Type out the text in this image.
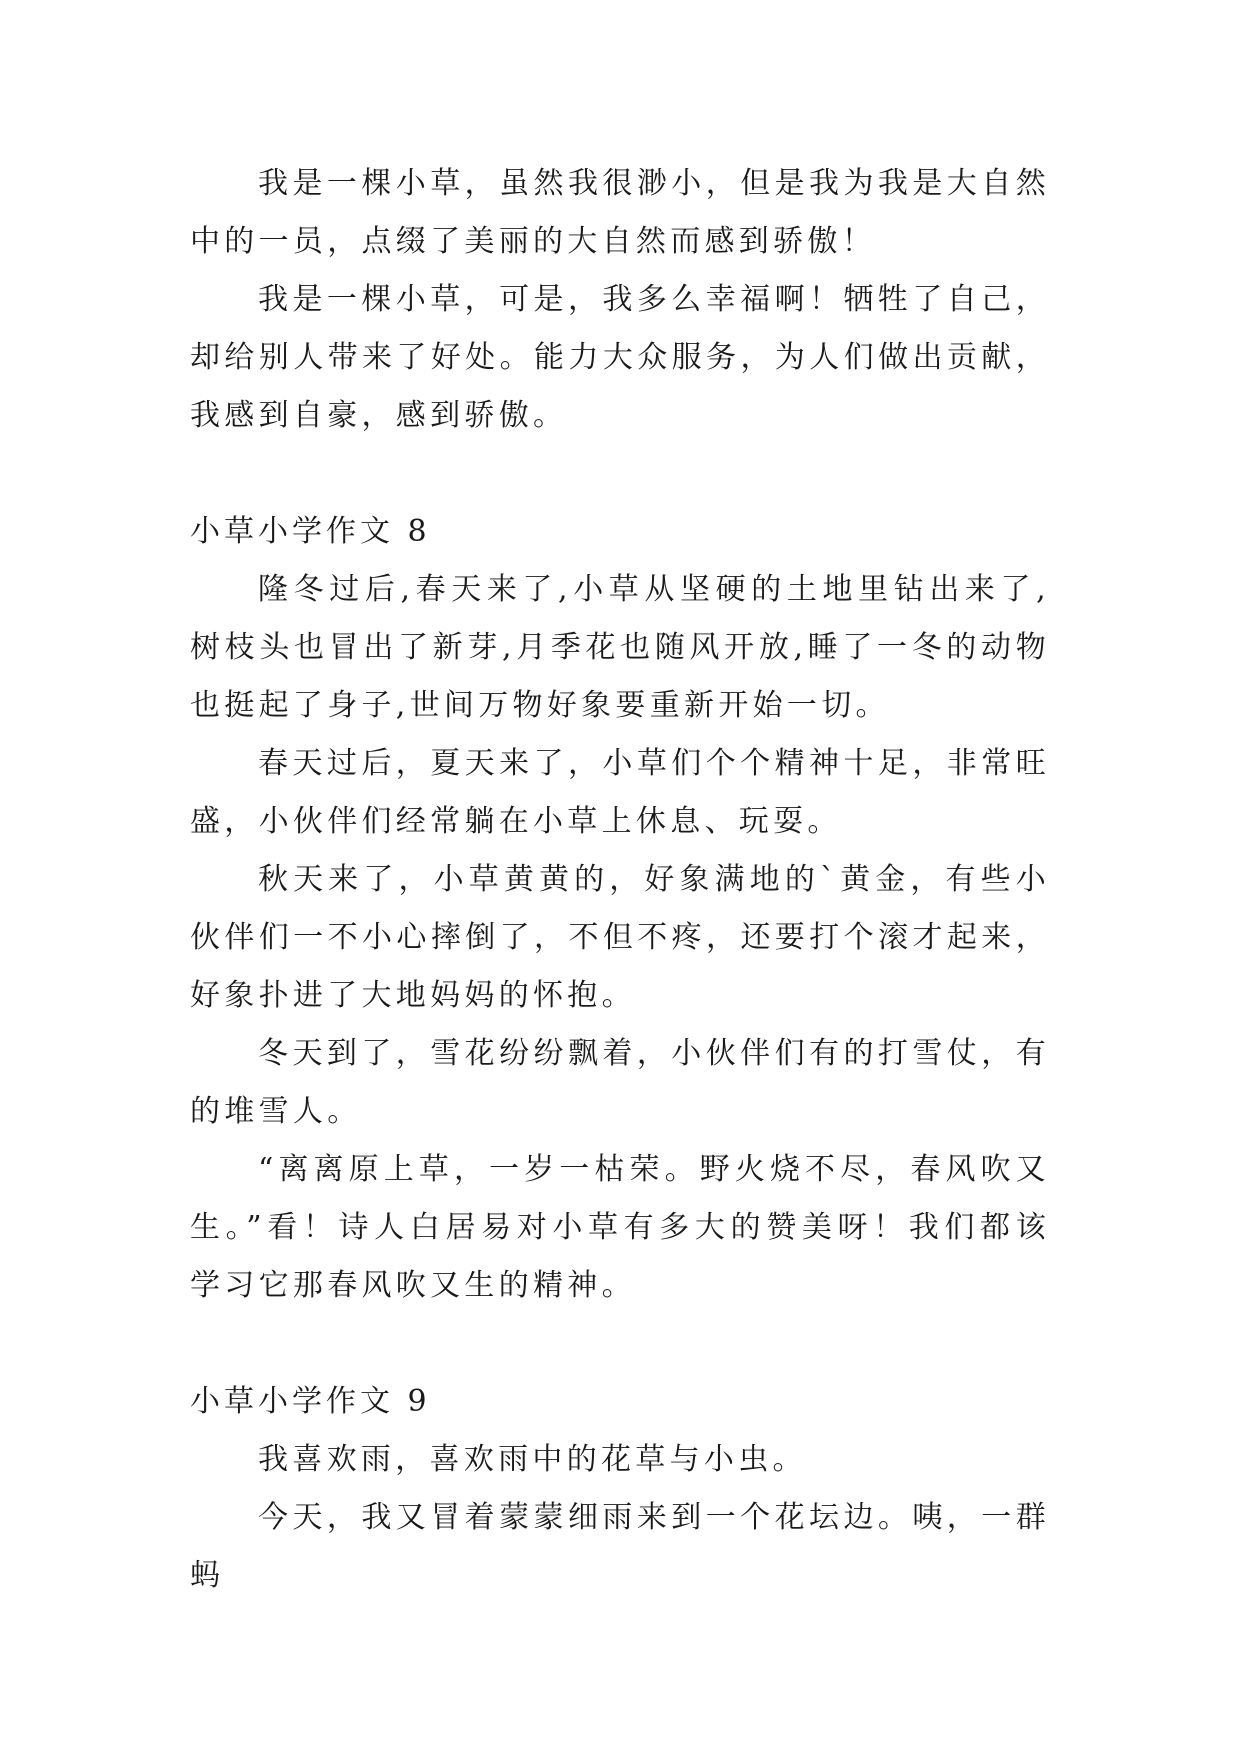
我是一棵小草，虽然我很渺小，但是我为我是大自然中的一员，点缀了美丽的大自然而感到骄傲！

我是一棵小草，可是，我多么幸福啊！牺牲了自己，却给别人带来了好处。能力大众服务，为人们做出贡献，我感到自豪，感到骄傲。

小草小学作文 8

隆冬过后,春天来了,小草从坚硬的土地里钻出来了,树枝头也冒出了新芽,月季花也随风开放,睡了一冬的动物也挺起了身子,世间万物好象要重新开始一切。

春天过后，夏天来了，小草们个个精神十足，非常旺盛，小伙伴们经常躺在小草上休息、玩耍。

秋天来了，小草黄黄的，好象满地的`黄金，有些小伙伴们一不小心摔倒了，不但不疼，还要打个滚才起来，好象扑进了大地妈妈的怀抱。

冬天到了，雪花纷纷飘着，小伙伴们有的打雪仗，有的堆雪人。

“离离原上草，一岁一枯荣。野火烧不尽，春风吹又生。”看！诗人白居易对小草有多大的赞美呀！我们都该学习它那春风吹又生的精神。

小草小学作文 9

我喜欢雨，喜欢雨中的花草与小虫。

今天，我又冒着蒙蒙细雨来到一个花坛边。咦，一群蚂
